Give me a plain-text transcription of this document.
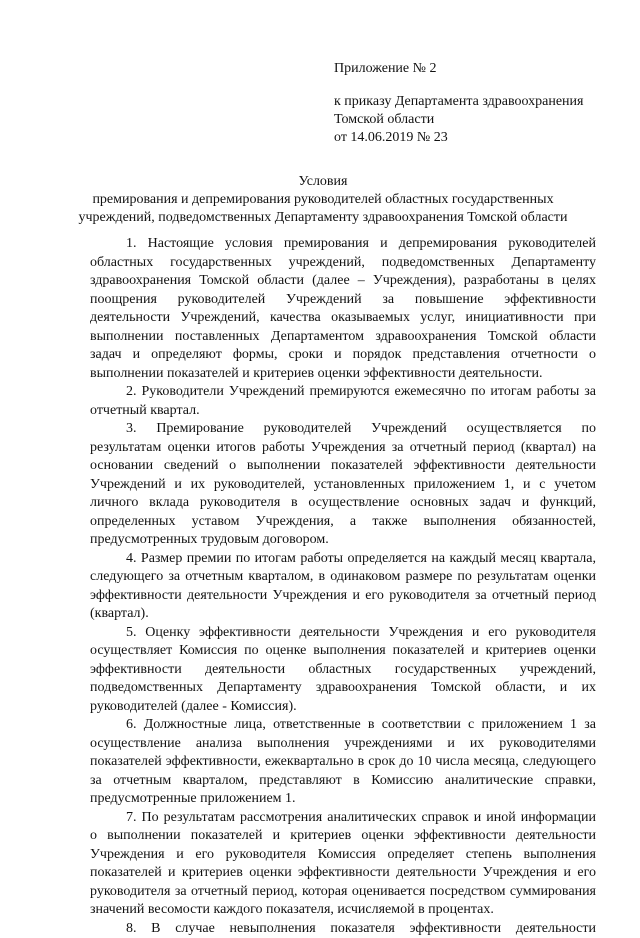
Приложение № 2
к приказу Департамента здравоохранения
Томской области
от 14.06.2019 № 23
Условия
премирования и депремирования руководителей областных государственных
учреждений, подведомственных Департаменту здравоохранения Томской области
1. Настоящие условия премирования и депремирования руководителей
областных государственных учреждений, подведомственных Департаменту
здравоохранения Томской области (далее – Учреждения), разработаны в целях
поощрения руководителей Учреждений за повышение эффективности
деятельности Учреждений, качества оказываемых услуг, инициативности при
выполнении поставленных Департаментом здравоохранения Томской области
задач и определяют формы, сроки и порядок представления отчетности о
выполнении показателей и критериев оценки эффективности деятельности.
2. Руководители Учреждений премируются ежемесячно по итогам работы за
отчетный квартал.
3. Премирование руководителей Учреждений осуществляется по
результатам оценки итогов работы Учреждения за отчетный период (квартал) на
основании сведений о выполнении показателей эффективности деятельности
Учреждений и их руководителей, установленных приложением 1, и с учетом
личного вклада руководителя в осуществление основных задач и функций,
определенных уставом Учреждения, а также выполнения обязанностей,
предусмотренных трудовым договором.
4. Размер премии по итогам работы определяется на каждый месяц квартала,
следующего за отчетным кварталом, в одинаковом размере по результатам оценки
эффективности деятельности Учреждения и его руководителя за отчетный период
(квартал).
5. Оценку эффективности деятельности Учреждения и его руководителя
осуществляет Комиссия по оценке выполнения показателей и критериев оценки
эффективности деятельности областных государственных учреждений,
подведомственных Департаменту здравоохранения Томской области, и их
руководителей (далее - Комиссия).
6. Должностные лица, ответственные в соответствии с приложением 1 за
осуществление анализа выполнения учреждениями и их руководителями
показателей эффективности, ежеквартально в срок до 10 числа месяца, следующего
за отчетным кварталом, представляют в Комиссию аналитические справки,
предусмотренные приложением 1.
7. По результатам рассмотрения аналитических справок и иной информации
о выполнении показателей и критериев оценки эффективности деятельности
Учреждения и его руководителя Комиссия определяет степень выполнения
показателей и критериев оценки эффективности деятельности Учреждения и его
руководителя за отчетный период, которая оценивается посредством суммирования
значений весомости каждого показателя, исчисляемой в процентах.
8. В случае невыполнения показателя эффективности деятельности
